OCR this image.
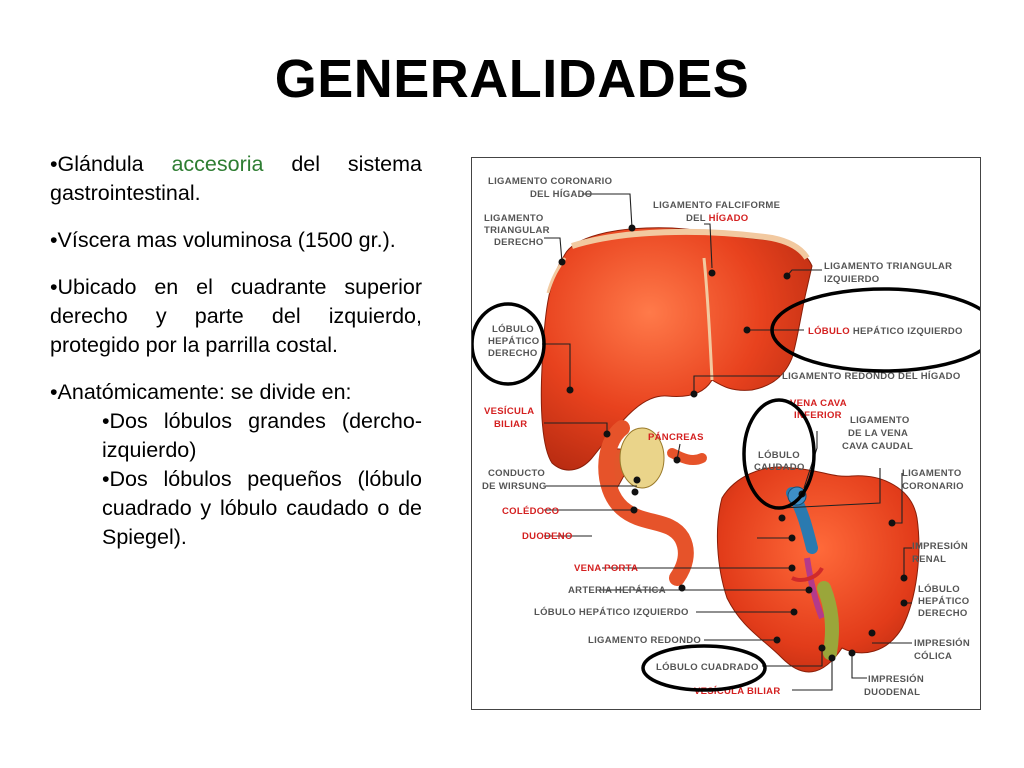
GENERALIDADES

•Glándula accesoria del sistema gastrointestinal.

•Víscera mas voluminosa (1500 gr.).

•Ubicado en el cuadrante superior derecho y parte del izquierdo, protegido por la parrilla costal.

•Anatómicamente: se divide en:

•Dos lóbulos grandes (dercho-izquierdo)

•Dos lóbulos pequeños (lóbulo cuadrado y lóbulo caudado o de Spiegel).

LIGAMENTO CORONARIO DEL HÍGADO
LIGAMENTO FALCIFORME DEL HÍGADO
LIGAMENTO TRIANGULAR DERECHO
LIGAMENTO TRIANGULAR IZQUIERDO
LÓBULO HEPÁTICO DERECHO
LÓBULO HEPÁTICO IZQUIERDO
LIGAMENTO REDONDO DEL HÍGADO
VESÍCULA BILIAR
PÁNCREAS
VENA CAVA INFERIOR
LÓBULO CAUDADO
LIGAMENTO DE LA VENA CAVA CAUDAL
CONDUCTO DE WIRSUNG
LIGAMENTO CORONARIO
COLÉDOCO
DUODENO
IMPRESIÓN RENAL
VENA PORTA
ARTERIA HEPÁTICA	LÓBULO HEPÁTICO DERECHO
LÓBULO HEPÁTICO IZQUIERDO
LIGAMENTO REDONDO	IMPRESIÓN CÓLICA
LÓBULO CUADRADO
IMPRESIÓN DUODENAL
VESÍCULA BILIAR
